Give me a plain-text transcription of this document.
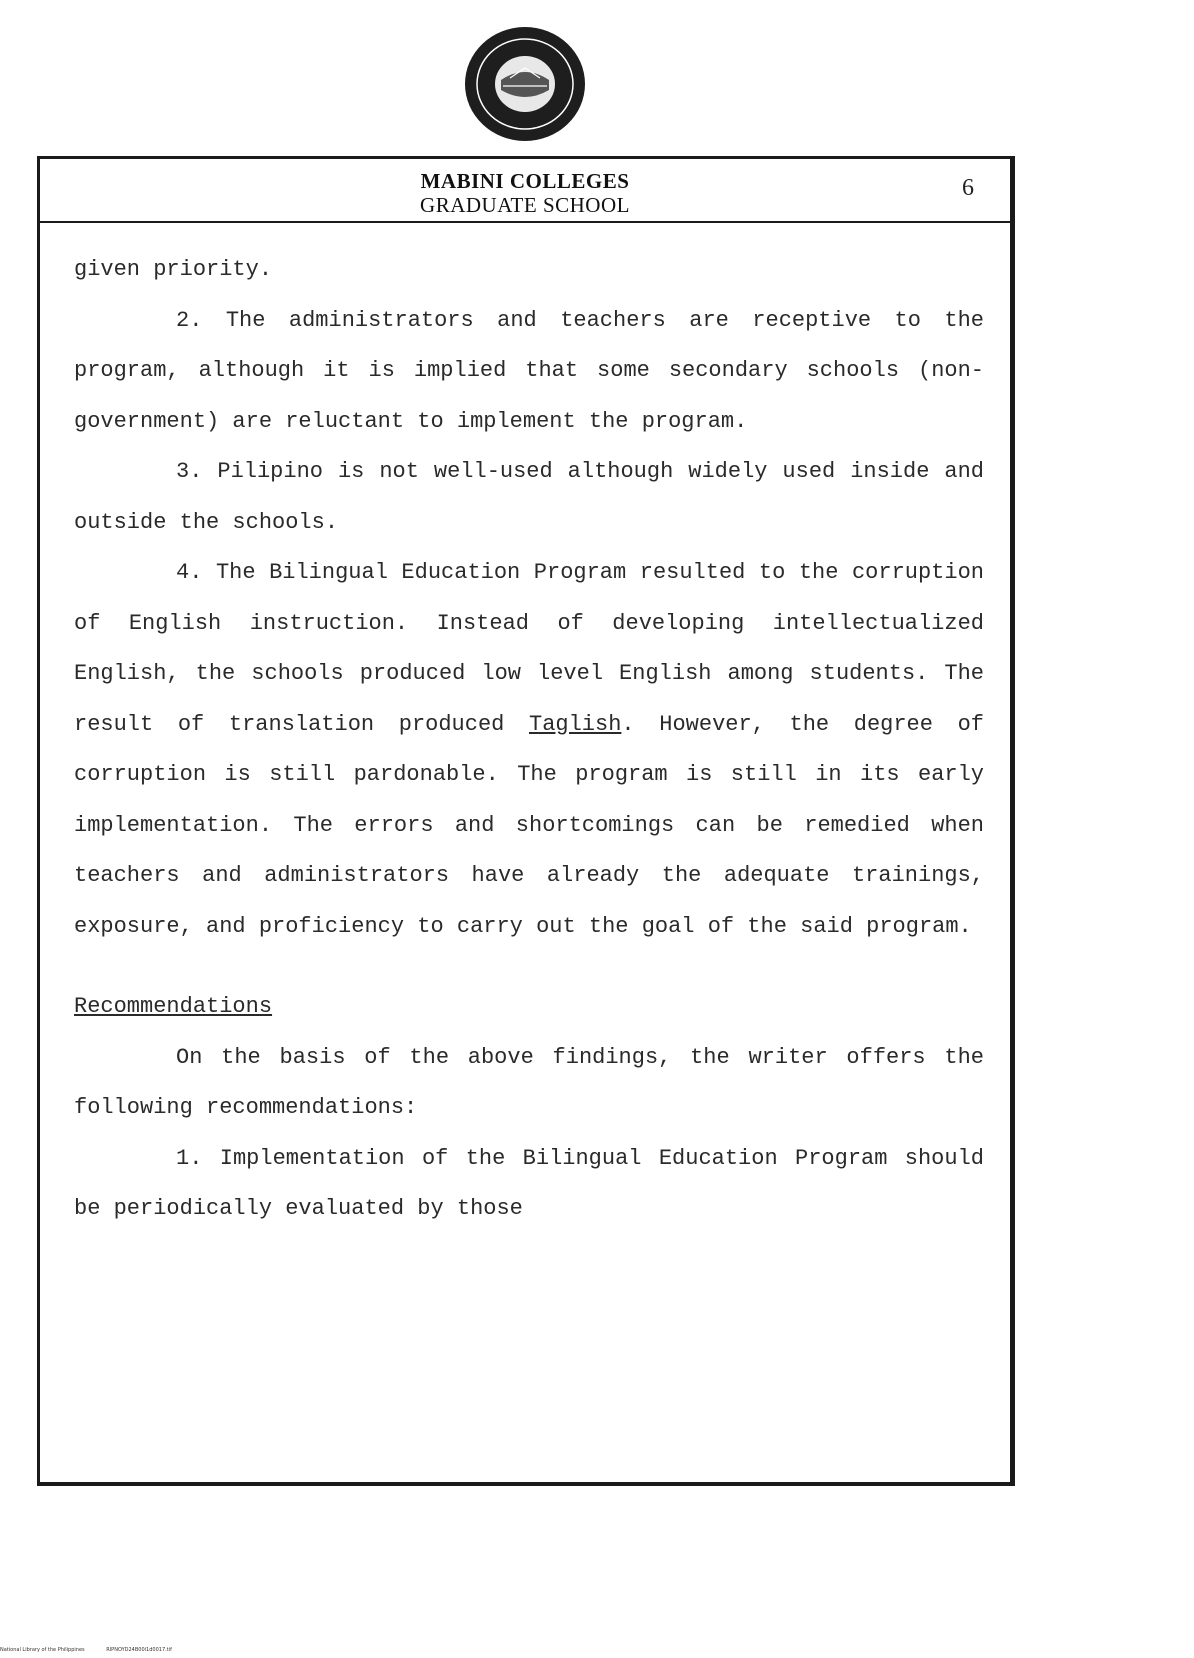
MABINI COLLEGES
GRADUATE SCHOOL
6

given priority.

2. The administrators and teachers are receptive to the program, although it is implied that some secondary schools (non-government) are reluctant to implement the program.

3. Pilipino is not well-used although widely used inside and outside the schools.

4. The Bilingual Education Program resulted to the corruption of English instruction. Instead of developing intellectualized English, the schools produced low level English among students. The result of translation produced Taglish. However, the degree of corruption is still pardonable. The program is still in its early implementation. The errors and shortcomings can be remedied when teachers and administrators have already the adequate trainings, exposure, and proficiency to carry out the goal of the said program.

Recommendations

On the basis of the above findings, the writer offers the following recommendations:

1. Implementation of the Bilingual Education Program should be periodically evaluated by those

National Library of the Philippines	RIPNOYD24B00i1d0017.tif
